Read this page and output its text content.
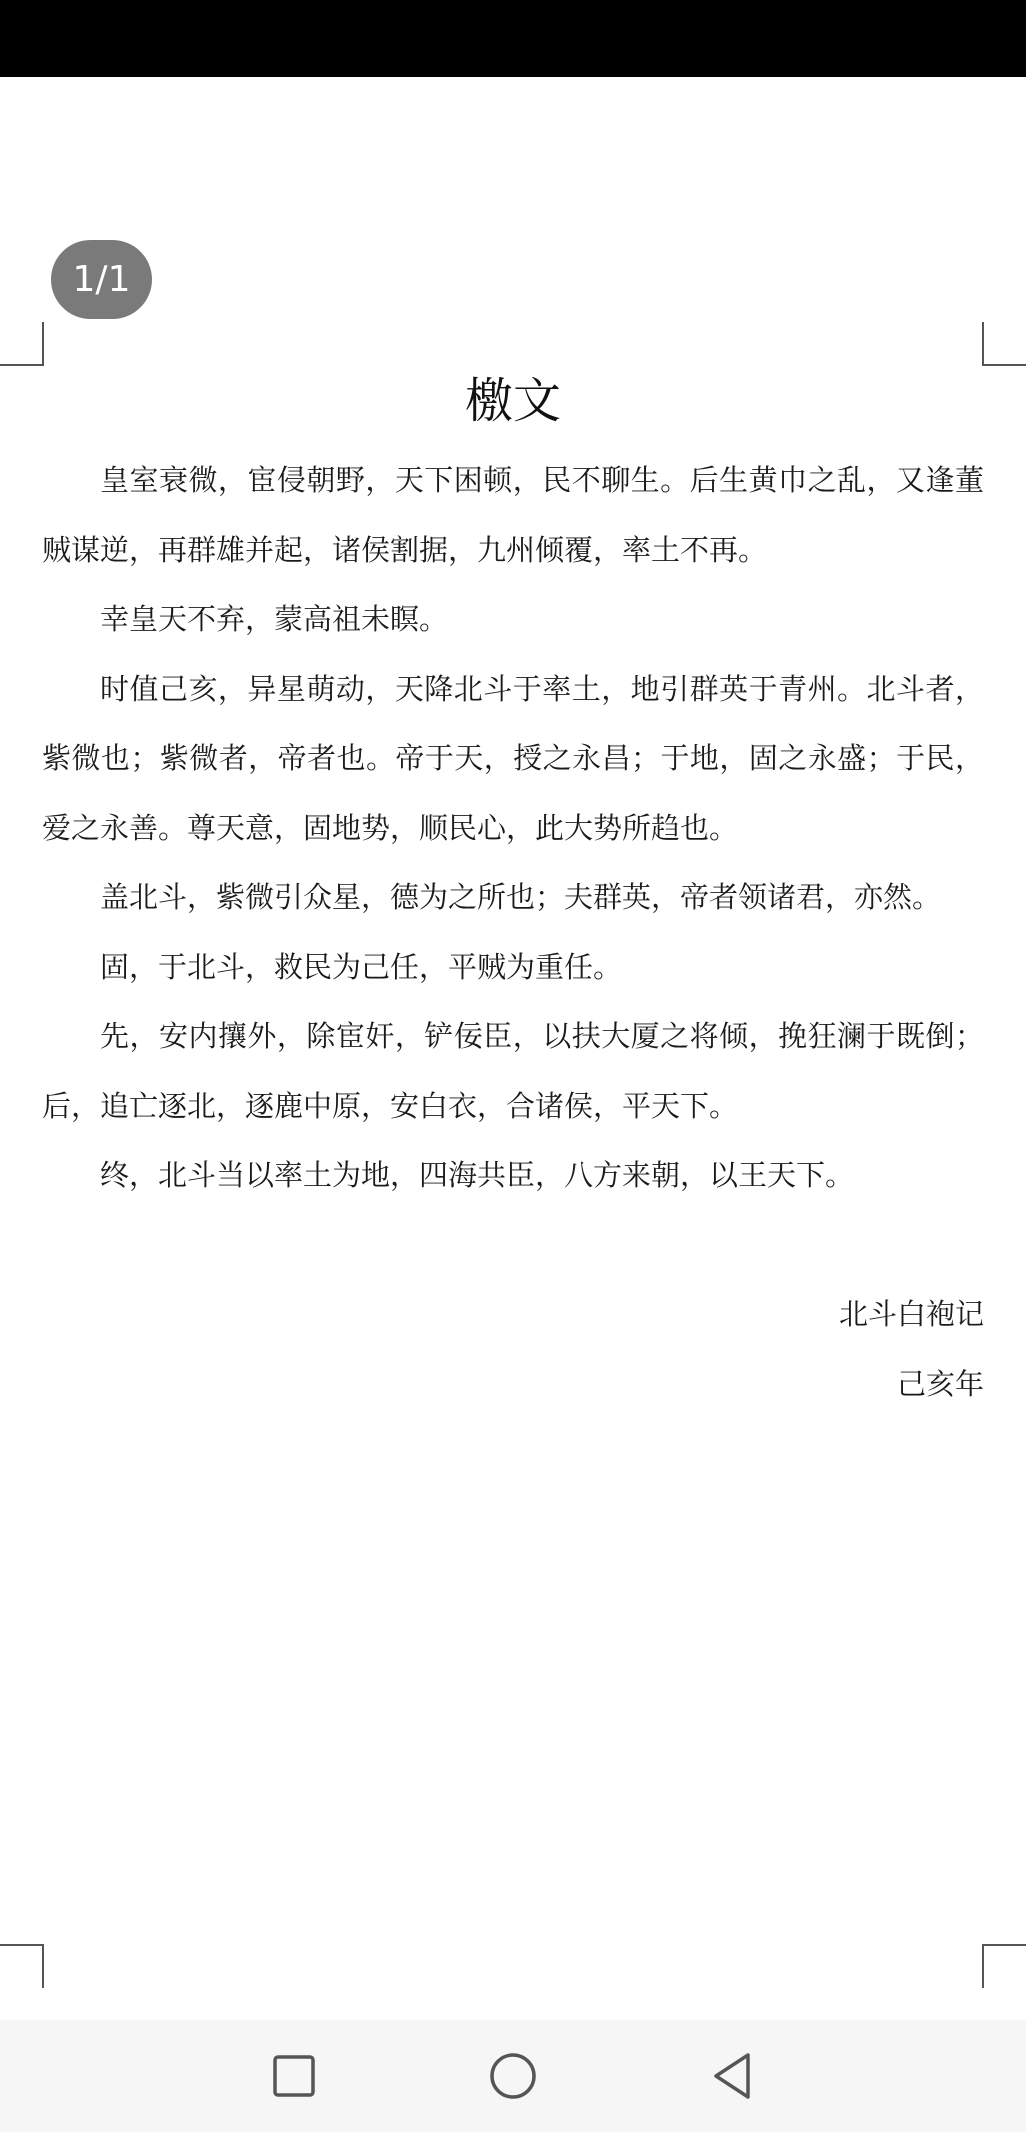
1/1
檄文

皇室衰微，宦侵朝野，天下困顿，民不聊生。后生黄巾之乱，又逢董贼谋逆，再群雄并起，诸侯割据，九州倾覆，率土不再。

幸皇天不弃，蒙高祖未瞑。

时值己亥，异星萌动，天降北斗于率土，地引群英于青州。北斗者，紫微也；紫微者，帝者也。帝于天，授之永昌；于地，固之永盛；于民，爱之永善。尊天意，固地势，顺民心，此大势所趋也。

盖北斗，紫微引众星，德为之所也；夫群英，帝者领诸君，亦然。

固，于北斗，救民为己任，平贼为重任。

先，安内攘外，除宦奸，铲佞臣，以扶大厦之将倾，挽狂澜于既倒；后，追亡逐北，逐鹿中原，安白衣，合诸侯，平天下。

终，北斗当以率土为地，四海共臣，八方来朝，以王天下。

北斗白袍记
己亥年
